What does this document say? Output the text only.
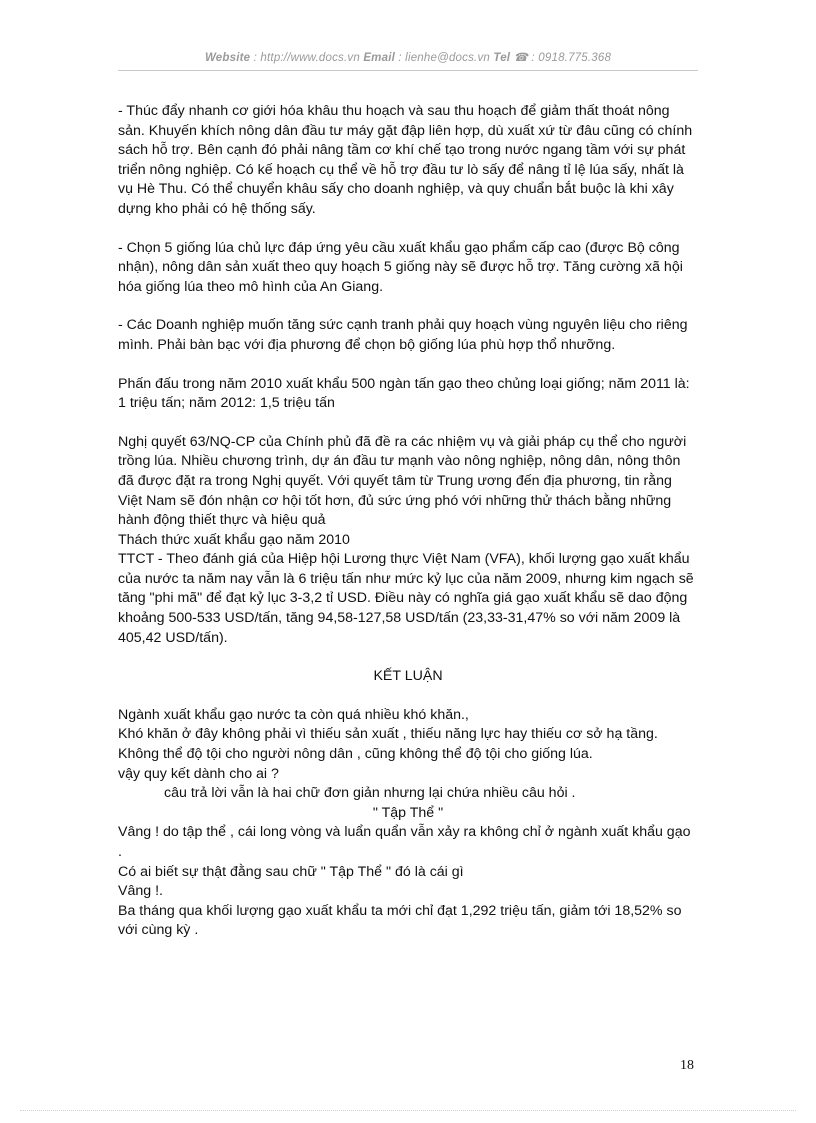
Website : http://www.docs.vn Email : lienhe@docs.vn Tel ☎ : 0918.775.368

- Thúc đẩy nhanh cơ giới hóa khâu thu hoạch và sau thu hoạch để giảm thất thoát nông sản. Khuyến khích nông dân đầu tư máy gặt đập liên hợp, dù xuất xứ từ đâu cũng có chính sách hỗ trợ. Bên cạnh đó phải nâng tầm cơ khí chế tạo trong nước ngang tầm với sự phát triển nông nghiệp. Có kế hoạch cụ thể về hỗ trợ đầu tư lò sấy để nâng tỉ lệ lúa sấy, nhất là vụ Hè Thu. Có thể chuyển khâu sấy cho doanh nghiệp, và quy chuẩn bắt buộc là khi xây dựng kho phải có hệ thống sấy.

- Chọn 5 giống lúa chủ lực đáp ứng yêu cầu xuất khẩu gạo phẩm cấp cao (được Bộ công nhận), nông dân sản xuất theo quy hoạch 5 giống này sẽ được hỗ trợ. Tăng cường xã hội hóa giống lúa theo mô hình của An Giang.

- Các Doanh nghiệp muốn tăng sức cạnh tranh phải quy hoạch vùng nguyên liệu cho riêng mình. Phải bàn bạc với địa phương để chọn bộ giống lúa phù hợp thổ nhưỡng.

Phấn đấu trong năm 2010 xuất khẩu 500 ngàn tấn gạo theo chủng loại giống; năm 2011 là: 1 triệu tấn; năm 2012: 1,5 triệu tấn

Nghị quyết 63/NQ-CP của Chính phủ đã đề ra các nhiệm vụ và giải pháp cụ thể cho người trồng lúa. Nhiều chương trình, dự án đầu tư mạnh vào nông nghiệp, nông dân, nông thôn đã được đặt ra trong Nghị quyết. Với quyết tâm từ Trung ương đến địa phương, tin rằng Việt Nam sẽ đón nhận cơ hội tốt hơn, đủ sức ứng phó với những thử thách bằng những hành động thiết thực và hiệu quả

Thách thức xuất khẩu gạo năm 2010

TTCT - Theo đánh giá của Hiệp hội Lương thực Việt Nam (VFA), khối lượng gạo xuất khẩu của nước ta năm nay vẫn là 6 triệu tấn như mức kỷ lục của năm 2009, nhưng kim ngạch sẽ tăng "phi mã" để đạt kỷ lục 3-3,2 tỉ USD. Điều này có nghĩa giá gạo xuất khẩu sẽ dao động khoảng 500-533 USD/tấn, tăng 94,58-127,58 USD/tấn (23,33-31,47% so với năm 2009 là 405,42 USD/tấn).

KẾT LUẬN

Ngành xuất khẩu gạo nước ta còn quá nhiều khó khăn.,

Khó khăn ở đây không phải vì thiếu sản xuất , thiếu năng lực hay thiếu cơ sở hạ tầng.

Không thể độ tội cho người nông dân , cũng không thể độ tội cho giống lúa.

vậy quy kết dành cho ai ?

câu trả lời vẫn là hai chữ đơn giản nhưng lại chứa nhiều câu hỏi .

" Tập Thể "

Vâng ! do tập thể , cái long vòng và luẩn quẩn vẫn xảy ra không chỉ ở ngành xuất khẩu gạo .

Có ai biết sự thật đằng sau chữ " Tập Thể " đó là cái gì

Vâng !.

Ba tháng qua khối lượng gạo xuất khẩu ta mới chỉ đạt 1,292 triệu tấn, giảm tới 18,52% so với cùng kỳ .

18
